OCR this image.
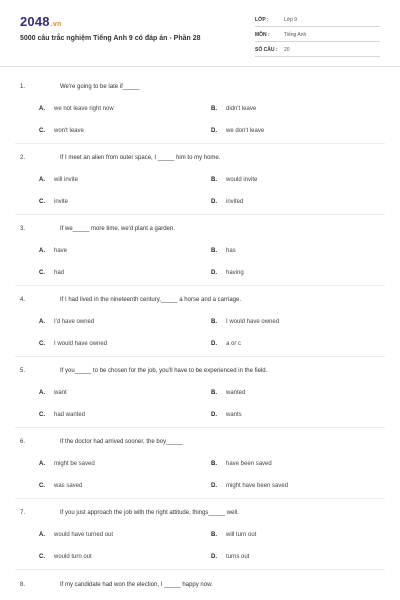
2048.vn
5000 câu trắc nghiệm Tiếng Anh 9 có đáp án - Phần 28
LỚP :	Lớp 9
MÔN :	Tiếng Anh
SỐ CÂU : 20
1.	We're going to be late if_____
A. we not leave right now	B. didn't leave
C. won't leave	D. we don't leave
2.	If I meet an alien from outer space, I _____ him to my home.
A. will invite	B. would invite
C. invite	D. invited
3.	If we_____ more time, we'd plant a garden.
A. have	B. has
C. had	D. having
4.	If I had lived in the nineteenth century,_____ a horse and a carriage.
A. I'd have owned	B. I would have owned
C. I would have owned	D. a or c
5.	If you_____ to be chosen for the job, you'll have to be experienced in the field.
A. want	B. wanted
C. had wanted	D. wants
6.	If the doctor had arrived sooner, the boy_____
A. might be saved	B. have been saved
C. was saved	D. might have been saved
7.	If you just approach the job with the right attitude, things_____ well.
A. would have turned out	B. will turn out
C. would turn out	D. turns out
8.	If my candidate had won the election, I _____ happy now.
